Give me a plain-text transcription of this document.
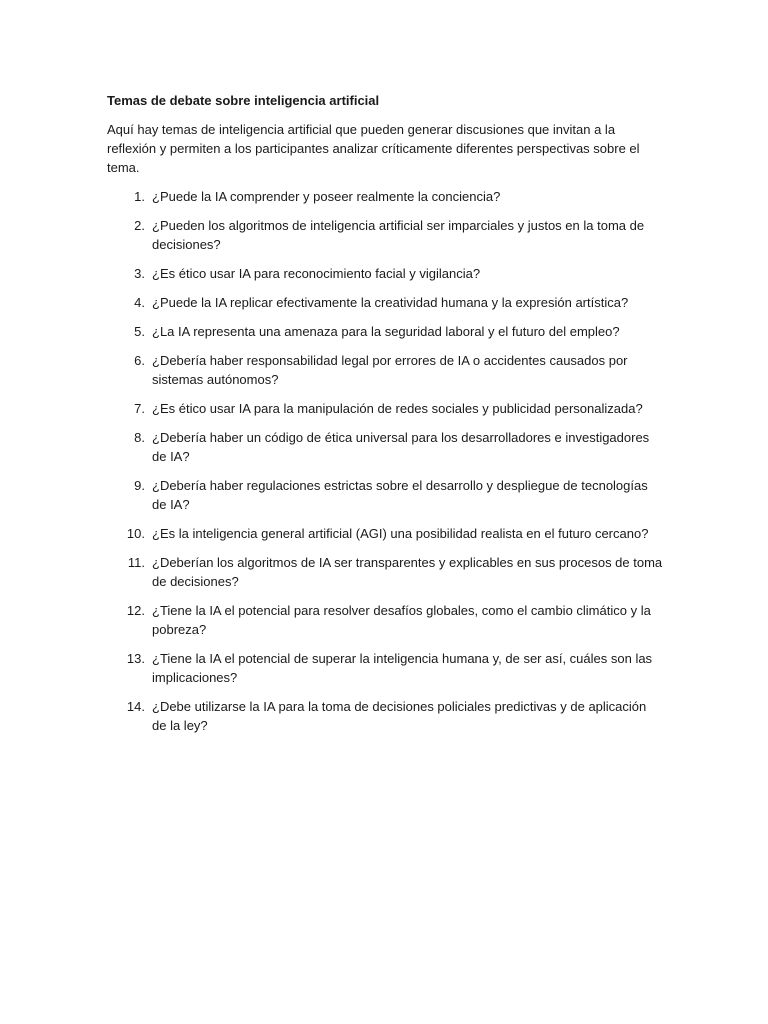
Temas de debate sobre inteligencia artificial
Aquí hay temas de inteligencia artificial que pueden generar discusiones que invitan a la reflexión y permiten a los participantes analizar críticamente diferentes perspectivas sobre el tema.
1. ¿Puede la IA comprender y poseer realmente la conciencia?
2. ¿Pueden los algoritmos de inteligencia artificial ser imparciales y justos en la toma de decisiones?
3. ¿Es ético usar IA para reconocimiento facial y vigilancia?
4. ¿Puede la IA replicar efectivamente la creatividad humana y la expresión artística?
5. ¿La IA representa una amenaza para la seguridad laboral y el futuro del empleo?
6. ¿Debería haber responsabilidad legal por errores de IA o accidentes causados por sistemas autónomos?
7. ¿Es ético usar IA para la manipulación de redes sociales y publicidad personalizada?
8. ¿Debería haber un código de ética universal para los desarrolladores e investigadores de IA?
9. ¿Debería haber regulaciones estrictas sobre el desarrollo y despliegue de tecnologías de IA?
10. ¿Es la inteligencia general artificial (AGI) una posibilidad realista en el futuro cercano?
11. ¿Deberían los algoritmos de IA ser transparentes y explicables en sus procesos de toma de decisiones?
12. ¿Tiene la IA el potencial para resolver desafíos globales, como el cambio climático y la pobreza?
13. ¿Tiene la IA el potencial de superar la inteligencia humana y, de ser así, cuáles son las implicaciones?
14. ¿Debe utilizarse la IA para la toma de decisiones policiales predictivas y de aplicación de la ley?
